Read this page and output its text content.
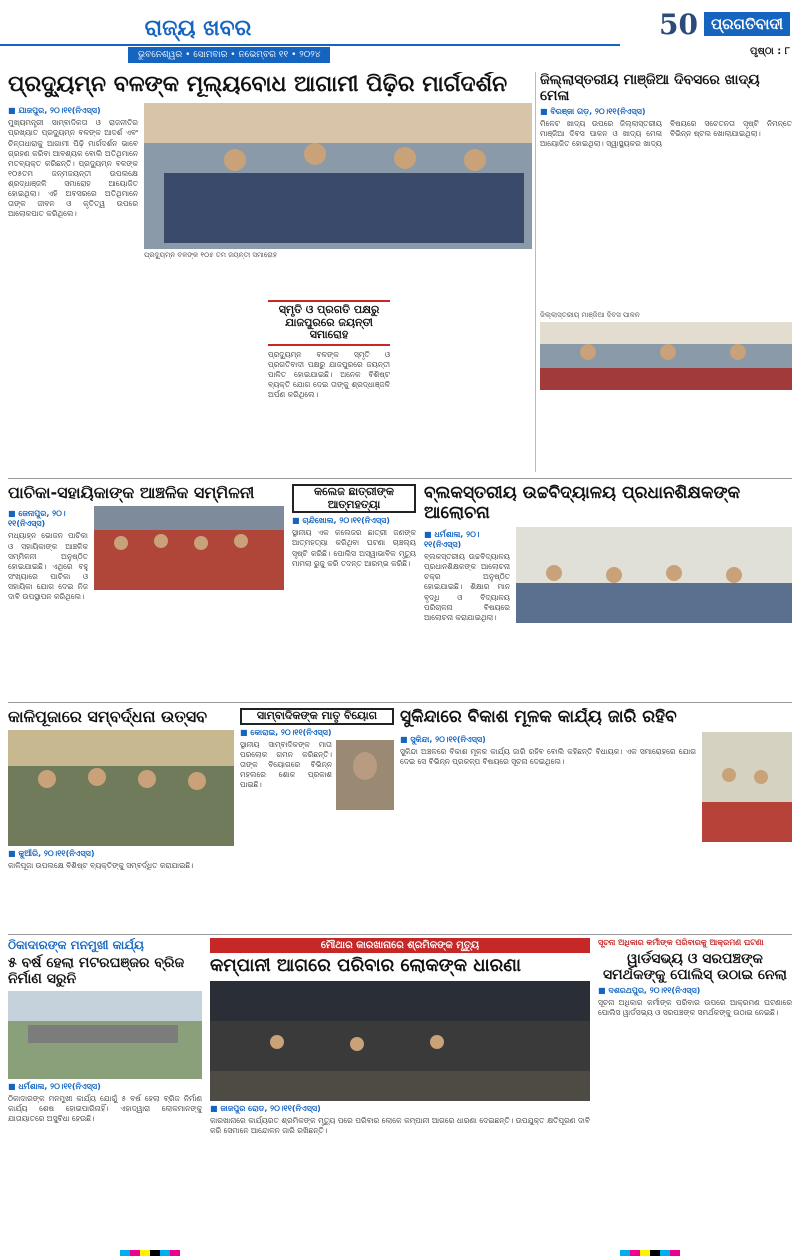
ରାଜ୍ୟ ଖବର	50 ପ୍ରଗତିବାଦୀ
ଭୁବନେଶ୍ୱର • ସୋମବାର • ନଭେମ୍ବର ୧୧ • ୨୦୨୪	ପୃଷ୍ଠା : ୮
ପ୍ରଦ୍ୟୁମ୍ନ ବଳଙ୍କ ମୂଲ୍ୟବୋଧ ଆଗାମୀ ପିଢ଼ିର ମାର୍ଗଦର୍ଶନ
■ ଯାଜପୁର, ୨୦।୧୧(ନିଏସ୍ସ)
ମୁଖ୍ୟମନ୍ତ୍ରୀ ସାମ୍ବାଦିକତା ଓ ରାଜନୀତିର ପ୍ରଖ୍ୟାତ ପ୍ରଦ୍ୟୁମ୍ନ ବଳଙ୍କ ଆଦର୍ଶ ଏବଂ ଚିନ୍ତାଧାରାକୁ ଆଗାମୀ ପିଢ଼ି ମାର୍ଗଦର୍ଶନ ଭାବେ ଗ୍ରହଣ କରିବା ଆବଶ୍ୟକ ବୋଲି ଅତିଥିମାନେ ମତବ୍ୟକ୍ତ କରିଛନ୍ତି। ପ୍ରଦ୍ୟୁମ୍ନ ବଳଙ୍କ ୧୦୫ତମ ଜନ୍ମଜୟନ୍ତୀ ଉପଲକ୍ଷେ ଶ୍ରଦ୍ଧାଞ୍ଜଳି ସମାରୋହ ଆୟୋଜିତ ହୋଇଥିଲା। ଏହି ଅବସରରେ ଅତିଥିମାନେ ତାଙ୍କ ଜୀବନ ଓ କୃତିତ୍ୱ ଉପରେ ଆଲୋକପାତ କରିଥିଲେ।
ପ୍ରଦ୍ୟୁମ୍ନ ବଳଙ୍କ ୧୦୫ ତମ ଜୟନ୍ତୀ ସମାରୋହ
ସ୍ମୃତି ଓ ପ୍ରଗତି ପକ୍ଷରୁ ଯାଜପୁରରେ ଜୟନ୍ତୀ ସମାରୋହ
ପ୍ରଦ୍ୟୁମ୍ନ ବଳଙ୍କ ସ୍ମୃତି ଓ ପ୍ରଗତିବାଦୀ ପକ୍ଷରୁ ଯାଜପୁରରେ ଜୟନ୍ତୀ ପାଳିତ ହୋଇଯାଇଛି। ଅନେକ ବିଶିଷ୍ଟ ବ୍ୟକ୍ତି ଯୋଗ ଦେଇ ତାଙ୍କୁ ଶ୍ରଦ୍ଧାଞ୍ଜଳି ଅର୍ପଣ କରିଥିଲେ।
ଜିଲ୍ଲାସ୍ତରୀୟ ମାଞ୍ଜିଆ ଦିବସରେ ଖାଦ୍ୟ ମେଳା
■ ବିରଞ୍ଜା ଗଡ଼, ୨୦।୧୧(ନିଏସ୍ସ)
ମିଳେଟ ଖାଦ୍ୟ ଉପରେ ଜିଲ୍ଲାସ୍ତରୀୟ ମାଞ୍ଜିଆ ଦିବସ ପାଳନ ଓ ଖାଦ୍ୟ ମେଳା ଆୟୋଜିତ ହୋଇଥିଲା। ସ୍ୱାସ୍ଥ୍ୟକର ଖାଦ୍ୟ ବିଷୟରେ ସଚେତନତା ସୃଷ୍ଟି ନିମନ୍ତେ ବିଭିନ୍ନ ଷ୍ଟଲ ଖୋଲାଯାଇଥିଲା।
ଜିଲ୍ଲାସ୍ତରୀୟ ମାଞ୍ଜିଆ ଦିବସ ପାଳନ
ପାଚିକା-ସହାୟିକାଙ୍କ ଆଞ୍ଚଳିକ ସମ୍ମିଳନୀ
■ ଜେନାପୁର, ୨୦।୧୧(ନିଏସ୍ସ)
ମଧ୍ୟାହ୍ନ ଭୋଜନ ପାଚିକା ଓ ସହାୟିକାଙ୍କ ଆଞ୍ଚଳିକ ସମ୍ମିଳନୀ ଅନୁଷ୍ଠିତ ହୋଇଯାଇଛି। ଏଥିରେ ବହୁ ସଂଖ୍ୟାରେ ପାଚିକା ଓ ସହାୟିକା ଯୋଗ ଦେଇ ନିଜ ଦାବି ଉପସ୍ଥାପନ କରିଥିଲେ।
କଲେଜ ଛାତ୍ରୀଙ୍କ ଆତ୍ମହତ୍ୟା
■ ଚାନ୍ଦିଖୋଲ, ୨୦।୧୧(ନିଏସ୍ସ)
ସ୍ଥାନୀୟ ଏକ କଲେଜର ଛାତ୍ରୀ ଜଣଙ୍କ ଆତ୍ମହତ୍ୟା କରିଥିବା ଘଟଣା ଚାଞ୍ଚଲ୍ୟ ସୃଷ୍ଟି କରିଛି। ପୋଲିସ ଅସ୍ୱାଭାବିକ ମୃତ୍ୟୁ ମାମଲା ରୁଜୁ କରି ତଦନ୍ତ ଆରମ୍ଭ କରିଛି।
ବ୍ଲକସ୍ତରୀୟ ଉଚ୍ଚବିଦ୍ୟାଳୟ ପ୍ରଧାନଶିକ୍ଷକଙ୍କ ଆଲୋଚନା
■ ଧର୍ମଶାଳା, ୨୦।୧୧(ନିଏସ୍ସ)
ବ୍ଲକସ୍ତରୀୟ ଉଚ୍ଚବିଦ୍ୟାଳୟ ପ୍ରଧାନଶିକ୍ଷକଙ୍କ ଆଲୋଚନା ଚକ୍ର ଅନୁଷ୍ଠିତ ହୋଇଯାଇଛି। ଶିକ୍ଷାର ମାନ ବୃଦ୍ଧି ଓ ବିଦ୍ୟାଳୟ ପରିଚାଳନା ବିଷୟରେ ଆଲୋଚନା କରାଯାଇଥିଲା।
କାଳିପୂଜାରେ ସମ୍ବର୍ଦ୍ଧନା ଉତ୍ସବ
■ କୁଆଁରି, ୨୦।୧୧(ନିଏସ୍ସ)
କାଳିପୂଜା ଉପଲକ୍ଷେ ବିଶିଷ୍ଟ ବ୍ୟକ୍ତିଙ୍କୁ ସମ୍ବର୍ଦ୍ଧିତ କରାଯାଇଛି।
ସାମ୍ବାଦିକଙ୍କ ମାତୃ ବିୟୋଗ
■ କୋରାଇ, ୨୦।୧୧(ନିଏସ୍ସ)
ସ୍ଥାନୀୟ ସାମ୍ବାଦିକଙ୍କ ମାତା ପରଲୋକ ଗମନ କରିଛନ୍ତି। ତାଙ୍କ ବିୟୋଗରେ ବିଭିନ୍ନ ମହଲରେ ଶୋକ ପ୍ରକାଶ ପାଇଛି।
ସୁକିନ୍ଦାରେ ବିକାଶ ମୂଳକ କାର୍ଯ୍ୟ ଜାରି ରହିବ
■ ସୁକିନ୍ଦା, ୨୦।୧୧(ନିଏସ୍ସ)
ସୁକିନ୍ଦା ଅଞ୍ଚଳରେ ବିକାଶ ମୂଳକ କାର୍ଯ୍ୟ ଜାରି ରହିବ ବୋଲି କହିଛନ୍ତି ବିଧାୟକ। ଏକ ସମାରୋହରେ ଯୋଗ ଦେଇ ସେ ବିଭିନ୍ନ ପ୍ରକଳ୍ପ ବିଷୟରେ ସୂଚନା ଦେଇଥିଲେ।
ଠିକାଦାରଙ୍କ ମନମୁଖୀ କାର୍ଯ୍ୟ
୫ ବର୍ଷ ହେଲା ମଟରଘଞ୍ଜର ବ୍ରିଜ ନିର୍ମାଣ ସରୁନି
■ ଧର୍ମଶାଳା, ୨୦।୧୧(ନିଏସ୍ସ)
ଠିକାଦାରଙ୍କ ମନମୁଖୀ କାର୍ଯ୍ୟ ଯୋଗୁଁ ୫ ବର୍ଷ ହେଲା ବ୍ରିଜ ନିର୍ମାଣ କାର୍ଯ୍ୟ ଶେଷ ହୋଇପାରିନାହିଁ। ଏହାଦ୍ୱାରା ଲୋକମାନଙ୍କୁ ଯାତାୟାତରେ ଅସୁବିଧା ହେଉଛି।
ମୌଥାର କାରଖାନାରେ ଶ୍ରମିକଙ୍କ ମୃତ୍ୟୁ
କମ୍ପାନୀ ଆଗରେ ପରିବାର ଲୋକଙ୍କ ଧାରଣା
■ ଜାଜପୁର ରୋଡ, ୨୦।୧୧(ନିଏସ୍ସ)
କାରଖାନାରେ କାର୍ଯ୍ୟରତ ଶ୍ରମିକଙ୍କ ମୃତ୍ୟୁ ପରେ ପରିବାର ଲୋକେ କମ୍ପାନୀ ଆଗରେ ଧାରଣା ଦେଇଛନ୍ତି। ଉପଯୁକ୍ତ କ୍ଷତିପୂରଣ ଦାବି କରି ସେମାନେ ଆନ୍ଦୋଳନ ଜାରି ରଖିଛନ୍ତି।
ସୂଚନା ଅଧିକାର କର୍ମୀଙ୍କ ପରିବାରକୁ ଆକ୍ରମଣ ଘଟଣା
ୱାର୍ଡସଭ୍ୟ ଓ ସରପଞ୍ଚଙ୍କ ସମର୍ଥକଙ୍କୁ ପୋଲିସ୍ ଉଠାଇ ନେଲା
■ ଦଶରଥପୁର, ୨୦।୧୧(ନିଏସ୍ସ)
ସୂଚନା ଅଧିକାର କର୍ମୀଙ୍କ ପରିବାର ଉପରେ ଆକ୍ରମଣ ଘଟଣାରେ ପୋଲିସ ୱାର୍ଡସଭ୍ୟ ଓ ସରପଞ୍ଚଙ୍କ ସମର୍ଥକଙ୍କୁ ଉଠାଇ ନେଇଛି।
